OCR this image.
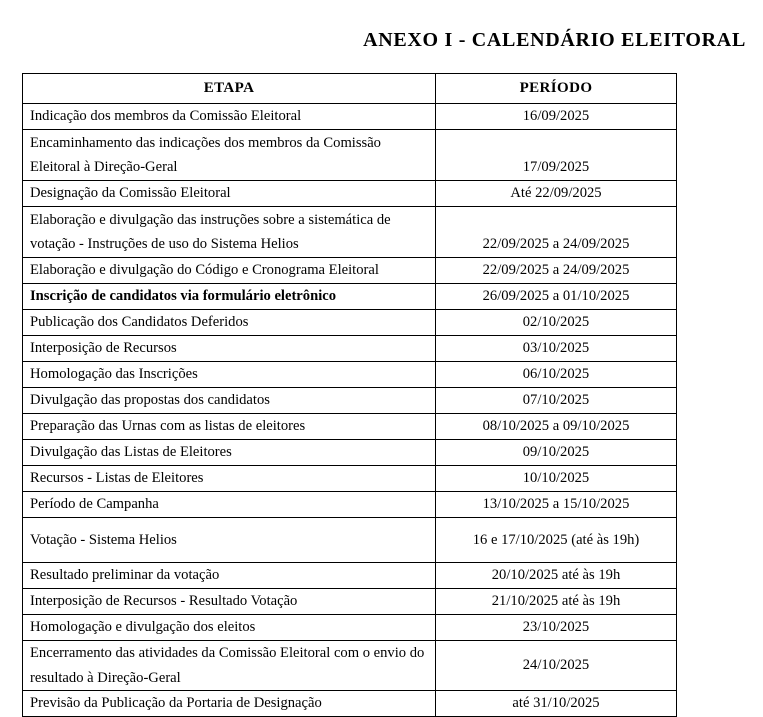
ANEXO I - CALENDÁRIO ELEITORAL
ETAPA	PERÍODO
Indicação dos membros da Comissão Eleitoral	16/09/2025
Encaminhamento das indicações dos membros da Comissão Eleitoral à Direção-Geral	17/09/2025
Designação da Comissão Eleitoral	Até 22/09/2025
Elaboração e divulgação das instruções sobre a sistemática de votação - Instruções de uso do Sistema Helios	22/09/2025 a 24/09/2025
Elaboração e divulgação do Código e Cronograma Eleitoral	22/09/2025 a 24/09/2025
Inscrição de candidatos via formulário eletrônico	26/09/2025 a 01/10/2025
Publicação dos Candidatos Deferidos	02/10/2025
Interposição de Recursos	03/10/2025
Homologação das Inscrições	06/10/2025
Divulgação das propostas dos candidatos	07/10/2025
Preparação das Urnas com as listas de eleitores	08/10/2025 a 09/10/2025
Divulgação das Listas de Eleitores	09/10/2025
Recursos - Listas de Eleitores	10/10/2025
Período de Campanha	13/10/2025 a 15/10/2025
Votação - Sistema Helios	16 e 17/10/2025 (até às 19h)
Resultado preliminar da votação	20/10/2025 até às 19h
Interposição de Recursos - Resultado Votação	21/10/2025 até às 19h
Homologação e divulgação dos eleitos	23/10/2025
Encerramento das atividades da Comissão Eleitoral com o envio do resultado à Direção-Geral	24/10/2025
Previsão da Publicação da Portaria de Designação	até 31/10/2025
